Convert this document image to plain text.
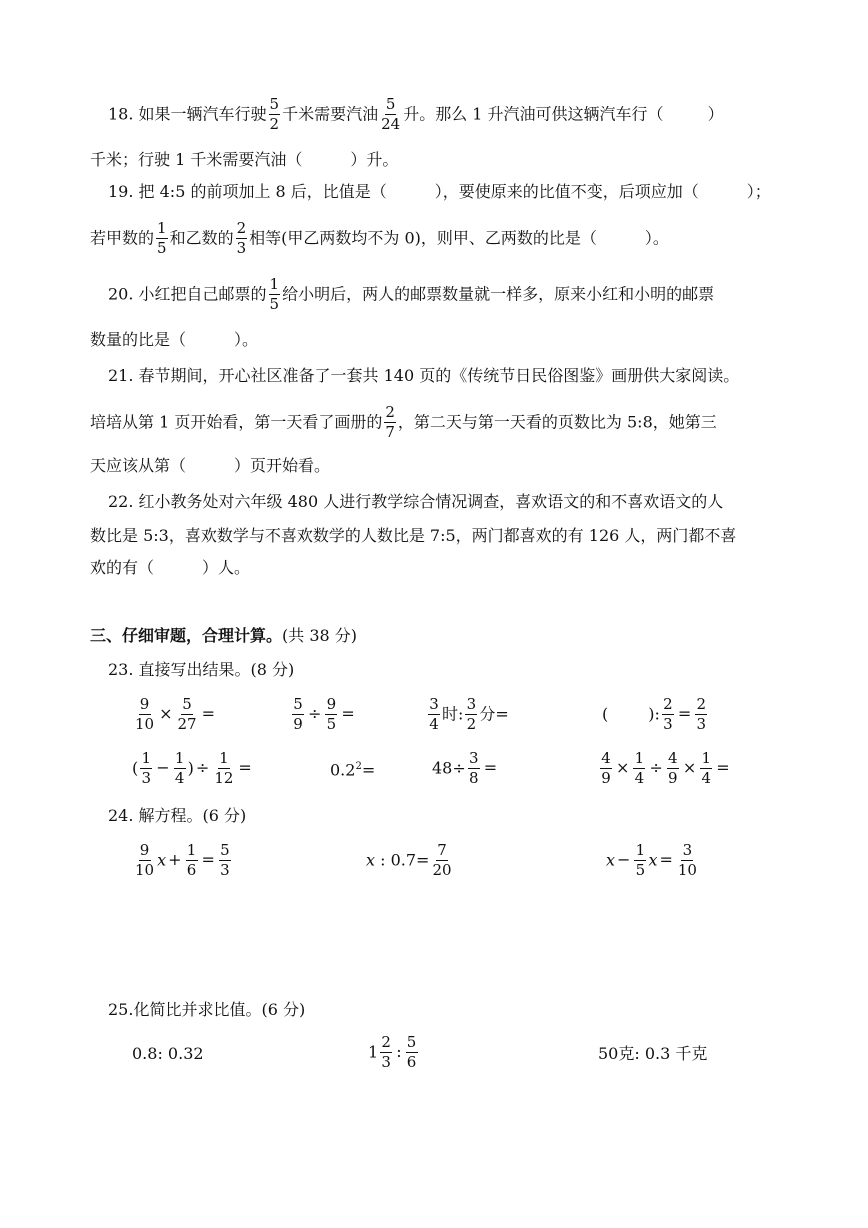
18. 如果一辆汽车行驶 $\frac{5}{2}$ 千米需要汽油 $\frac{5}{24}$ 升。那么 1 升汽油可供这辆汽车行（	）
千米；行驶 1 千米需要汽油（　　　）升。
19. 把 4:5 的前项加上 8 后，比值是（　　　），要使原来的比值不变，后项应加（　　　）；
若甲数的 $\frac{1}{5}$ 和乙数的 $\frac{2}{3}$ 相等(甲乙两数均不为 0)，则甲、乙两数的比是（　　　）。
20. 小红把自己邮票的 $\frac{1}{5}$ 给小明后，两人的邮票数量就一样多，原来小红和小明的邮票
数量的比是（　　　）。
21. 春节期间，开心社区准备了一套共 140 页的《传统节日民俗图鉴》画册供大家阅读。
培培从第 1 页开始看，第一天看了画册的 $\frac{2}{7}$ ，第二天与第一天看的页数比为 5:8，她第三
天应该从第（　　　）页开始看。
22. 红小教务处对六年级 480 人进行教学综合情况调查，喜欢语文的和不喜欢语文的人
数比是 5:3，喜欢数学与不喜欢数学的人数比是 7:5，两门都喜欢的有 126 人，两门都不喜
欢的有（　　　）人。
三、仔细审题，合理计算。(共 38 分)
23. 直接写出结果。(8 分)
$\frac{9}{10} \times \frac{5}{27}$ =	$\frac{5}{9} \div \frac{9}{5}$ =	$\frac{3}{4}$ 时: $\frac{3}{2}$ 分=	(	): $\frac{2}{3} = \frac{2}{3}$
( $\frac{1}{3} - \frac{1}{4}$ ) ÷ $\frac{1}{12}$ =	$0.2^2=$	$48\div \frac{3}{8}$ =	$\frac{4}{9} \times \frac{1}{4} \div \frac{4}{9} \times \frac{1}{4}$ =
24. 解方程。(6 分)
$\frac{9}{10}$ $x + \frac{1}{6} = \frac{5}{3}$	x : $0.7= \frac{7}{20}$	$x - \frac{1}{5}$ $x = \frac{3}{10}$
25.化简比并求比值。(6 分)
0.8: 0.32	$1 \frac{2}{3}$ : $\frac{5}{6}$	50克: 0.3 千克
